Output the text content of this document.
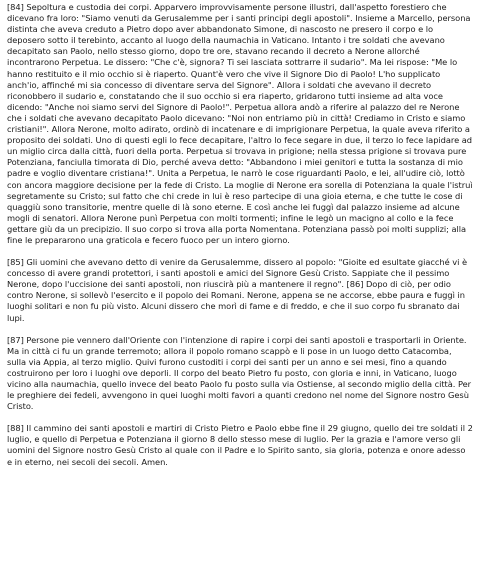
[84] Sepoltura e custodia dei corpi. Apparvero improvvisamente persone illustri, dall'aspetto forestiero che dicevano fra loro: "Siamo venuti da Gerusalemme per i santi principi degli apostoli". Insieme a Marcello, persona distinta che aveva creduto a Pietro dopo aver abbandonato Simone, di nascosto ne presero il corpo e lo deposero sotto il terebinto, accanto al luogo della naumachia in Vaticano. Intanto i tre soldati che avevano decapitato san Paolo, nello stesso giorno, dopo tre ore, stavano recando il decreto a Nerone allorché incontrarono Perpetua. Le dissero: "Che c'è, signora? Ti sei lasciata sottrarre il sudario". Ma lei rispose: "Me lo hanno restituito e il mio occhio si è riaperto. Quant'è vero che vive il Signore Dio di Paolo! L'ho supplicato anch'io, affinché mi sia concesso di diventare serva del Signore". Allora i soldati che avevano il decreto riconobbero il sudario e, constatando che il suo occhio si era riaperto, gridarono tutti insieme ad alta voce dicendo: "Anche noi siamo servi del Signore di Paolo!". Perpetua allora andò a riferire al palazzo del re Nerone che i soldati che avevano decapitato Paolo dicevano: "Noi non entriamo più in città! Crediamo in Cristo e siamo cristiani!". Allora Nerone, molto adirato, ordinò di incatenare e di imprigionare Perpetua, la quale aveva riferito a proposito dei soldati. Uno di questi egli lo fece decapitare, l'altro lo fece segare in due, il terzo lo fece lapidare ad un miglio circa dalla città, fuori della porta. Perpetua si trovava in prigione; nella stessa prigione si trovava pure Potenziana, fanciulla timorata di Dio, perché aveva detto: "Abbandono i miei genitori e tutta la sostanza di mio padre e voglio diventare cristiana!". Unita a Perpetua, le narrò le cose riguardanti Paolo, e lei, all'udire ciò, lottò con ancora maggiore decisione per la fede di Cristo. La moglie di Nerone era sorella di Potenziana la quale l'istruì segretamente su Cristo; sul fatto che chi crede in lui è reso partecipe di una gioia eterna, e che tutte le cose di quaggiù sono transitorie, mentre quelle di là sono eterne. E così anche lei fuggì dal palazzo insieme ad alcune mogli di senatori. Allora Nerone punì Perpetua con molti tormenti; infine le legò un macigno al collo e la fece gettare giù da un precipizio. Il suo corpo si trova alla porta Nomentana. Potenziana passò poi molti supplizi; alla fine le prepararono una graticola e fecero fuoco per un intero giorno.

[85] Gli uomini che avevano detto di venire da Gerusalemme, dissero al popolo: "Gioite ed esultate giacché vi è concesso di avere grandi protettori, i santi apostoli e amici del Signore Gesù Cristo. Sappiate che il pessimo Nerone, dopo l'uccisione dei santi apostoli, non riuscirà più a mantenere il regno". [86] Dopo di ciò, per odio contro Nerone, si sollevò l'esercito e il popolo dei Romani. Nerone, appena se ne accorse, ebbe paura e fuggì in luoghi solitari e non fu più visto. Alcuni dissero che morì di fame e di freddo, e che il suo corpo fu sbranato dai lupi.

[87] Persone pie vennero dall'Oriente con l'intenzione di rapire i corpi dei santi apostoli e trasportarli in Oriente. Ma in città ci fu un grande terremoto; allora il popolo romano scappò e li pose in un luogo detto Catacomba, sulla via Appia, al terzo miglio. Quivi furono custoditi i corpi dei santi per un anno e sei mesi, fino a quando costruirono per loro i luoghi ove deporli. Il corpo del beato Pietro fu posto, con gloria e inni, in Vaticano, luogo vicino alla naumachia, quello invece del beato Paolo fu posto sulla via Ostiense, al secondo miglio della città. Per le preghiere dei fedeli, avvengono in quei luoghi molti favori a quanti credono nel nome del Signore nostro Gesù Cristo.

[88] Il cammino dei santi apostoli e martiri di Cristo Pietro e Paolo ebbe fine il 29 giugno, quello dei tre soldati il 2 luglio, e quello di Perpetua e Potenziana il giorno 8 dello stesso mese di luglio. Per la grazia e l'amore verso gli uomini del Signore nostro Gesù Cristo al quale con il Padre e lo Spirito santo, sia gloria, potenza e onore adesso e in eterno, nei secoli dei secoli. Amen.
